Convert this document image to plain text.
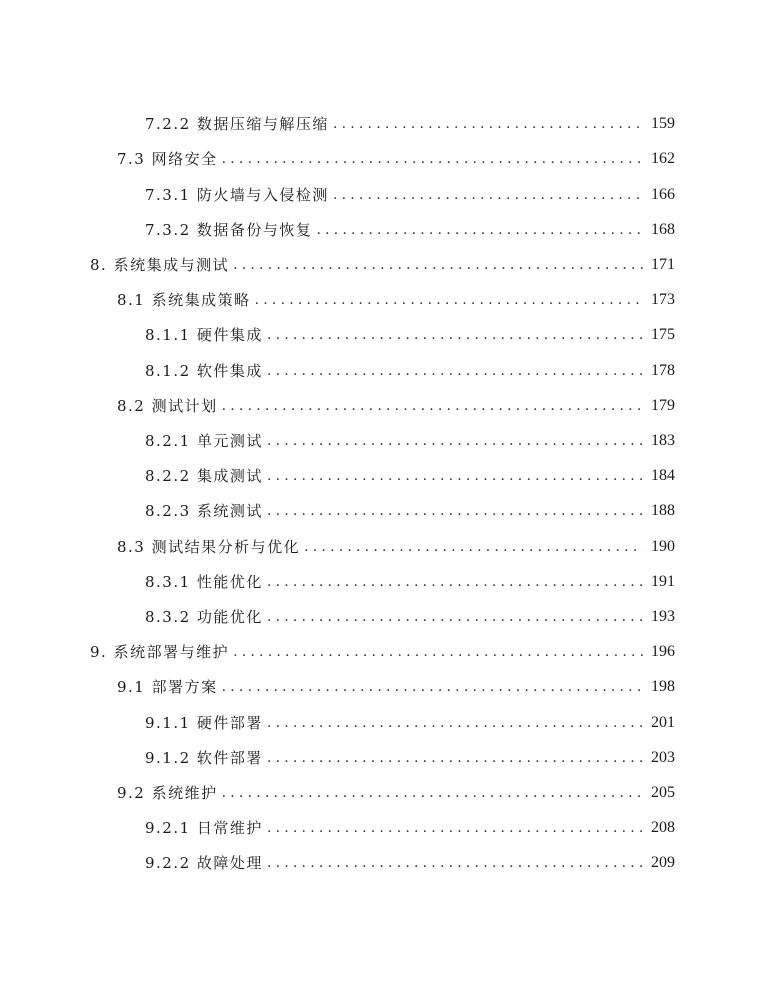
7.2.2 数据压缩与解压缩 .....	159
7.3 网络安全 .....	162
7.3.1 防火墙与入侵检测 .....	166
7.3.2 数据备份与恢复 .....	168
8. 系统集成与测试 .....	171
8.1 系统集成策略 .....	173
8.1.1 硬件集成 .....	175
8.1.2 软件集成 .....	178
8.2 测试计划 .....	179
8.2.1 单元测试 .....	183
8.2.2 集成测试 .....	184
8.2.3 系统测试 .....	188
8.3 测试结果分析与优化 .....	190
8.3.1 性能优化 .....	191
8.3.2 功能优化 .....	193
9. 系统部署与维护 .....	196
9.1 部署方案 .....	198
9.1.1 硬件部署 .....	201
9.1.2 软件部署 .....	203
9.2 系统维护 .....	205
9.2.1 日常维护 .....	208
9.2.2 故障处理 .....	209
